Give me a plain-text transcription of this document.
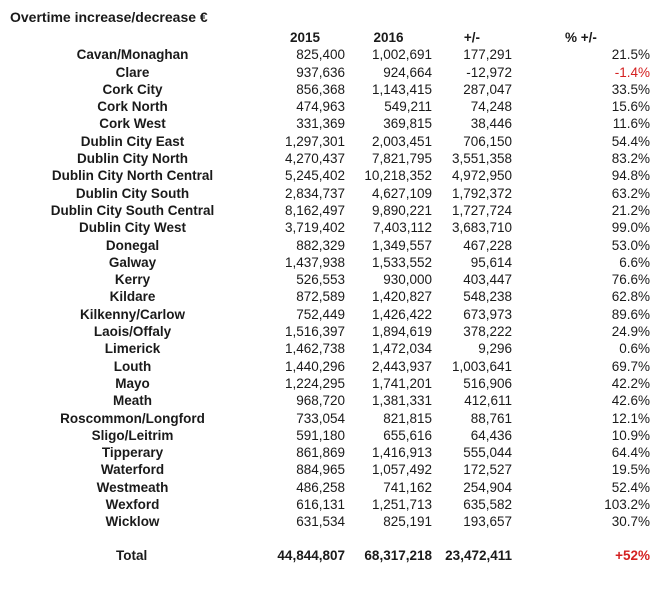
Overtime increase/decrease €
	2015	2016	+/-	% +/-
Cavan/Monaghan	825,400	1,002,691	177,291	21.5%
Clare	937,636	924,664	-12,972	-1.4%
Cork City	856,368	1,143,415	287,047	33.5%
Cork North	474,963	549,211	74,248	15.6%
Cork West	331,369	369,815	38,446	11.6%
Dublin City East	1,297,301	2,003,451	706,150	54.4%
Dublin City North	4,270,437	7,821,795	3,551,358	83.2%
Dublin City North Central	5,245,402	10,218,352	4,972,950	94.8%
Dublin City South	2,834,737	4,627,109	1,792,372	63.2%
Dublin City South Central	8,162,497	9,890,221	1,727,724	21.2%
Dublin City West	3,719,402	7,403,112	3,683,710	99.0%
Donegal	882,329	1,349,557	467,228	53.0%
Galway	1,437,938	1,533,552	95,614	6.6%
Kerry	526,553	930,000	403,447	76.6%
Kildare	872,589	1,420,827	548,238	62.8%
Kilkenny/Carlow	752,449	1,426,422	673,973	89.6%
Laois/Offaly	1,516,397	1,894,619	378,222	24.9%
Limerick	1,462,738	1,472,034	9,296	0.6%
Louth	1,440,296	2,443,937	1,003,641	69.7%
Mayo	1,224,295	1,741,201	516,906	42.2%
Meath	968,720	1,381,331	412,611	42.6%
Roscommon/Longford	733,054	821,815	88,761	12.1%
Sligo/Leitrim	591,180	655,616	64,436	10.9%
Tipperary	861,869	1,416,913	555,044	64.4%
Waterford	884,965	1,057,492	172,527	19.5%
Westmeath	486,258	741,162	254,904	52.4%
Wexford	616,131	1,251,713	635,582	103.2%
Wicklow	631,534	825,191	193,657	30.7%

Total	44,844,807	68,317,218	23,472,411	+52%
